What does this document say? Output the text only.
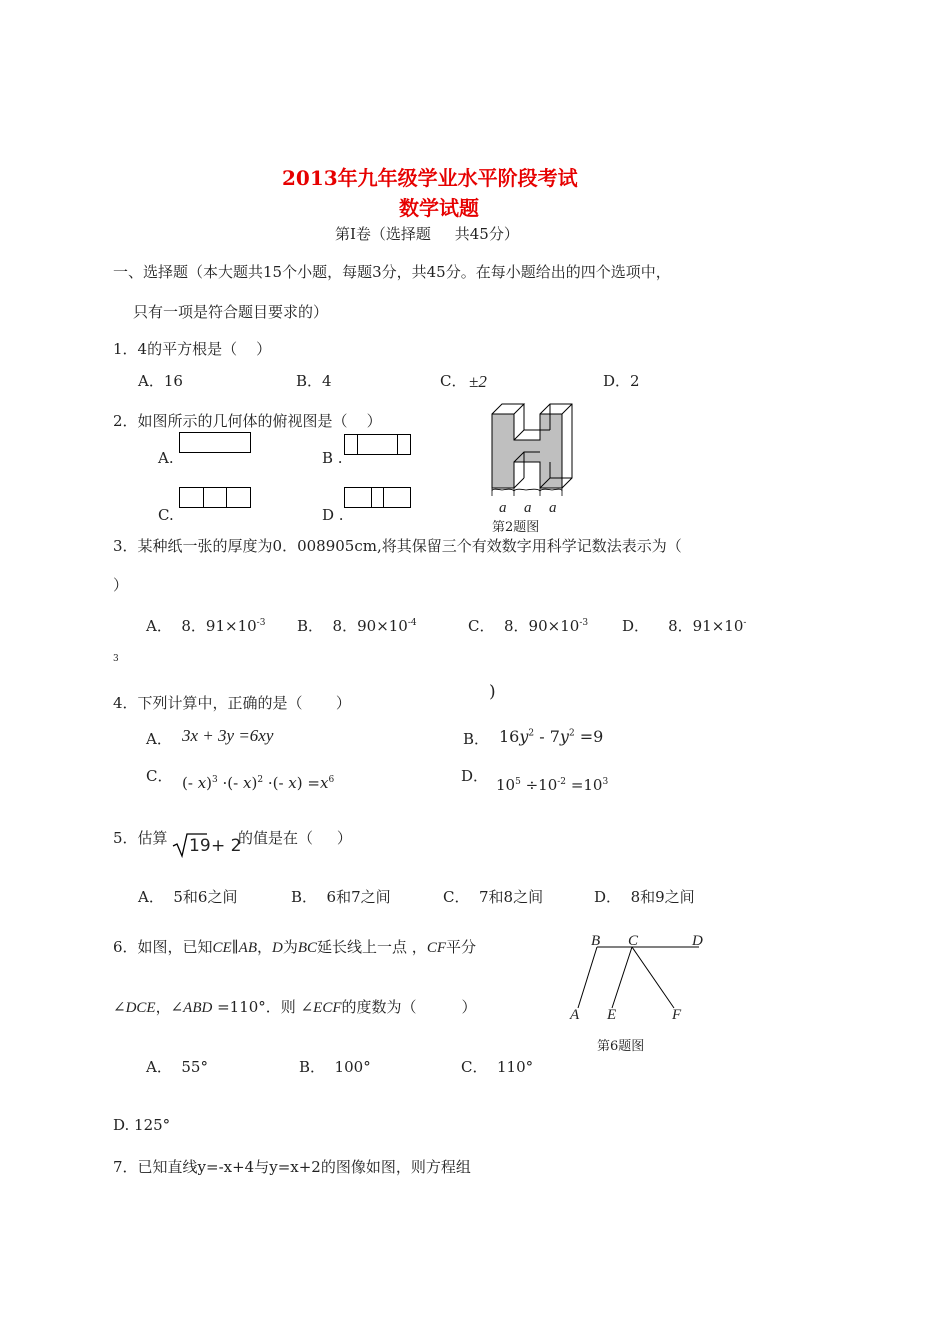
2013年九年级学业水平阶段考试
数学试题
第Ⅰ卷（选择题     共45分）
一、选择题（本大题共15个小题，每题3分，共45分。在每小题给出的四个选项中，
只有一项是符合题目要求的）
1．4的平方根是（    ）
A．16	B．4	C． ±2	D．2
2．如图所示的几何体的俯视图是（    ）
A.	B .
C.	D .	a a a
第2题图
3．某种纸一张的厚度为0．008905cm,将其保留三个有效数字用科学记数法表示为（
）
A．  8．$91\times 10^{-3}$ B．  8．$90\times 10^{-4}$	C．  8．$90\times 10^{-3}$ D．    8．91×10-
3
4．下列计算中，正确的是（       ）
)
A． 3x + 3y =6xy	B． $16y^2 - 7y^2 =9$
C． (- x)$^3$ ·(- x)$^2$ ·(- $x) =x^6$	D． $10^5 \div 10^{-2} =10^3$
5．估算 19 + 2
的值是在（     ）
A．  5和6之间	B．  6和7之间	C．  7和8之间	D．  8和9之间
6．如图，已知CE∥AB，D为BC延长线上一点 ，CF平分
∠DCE，∠ABD =110°．则 ∠ECF的度数为（　　　）
B C	D
A E	F
第6题图
A．  55°	B．  100°	C．  110°
D. 125°
7．已知直线y=-x+4与y=x+2的图像如图，则方程组
